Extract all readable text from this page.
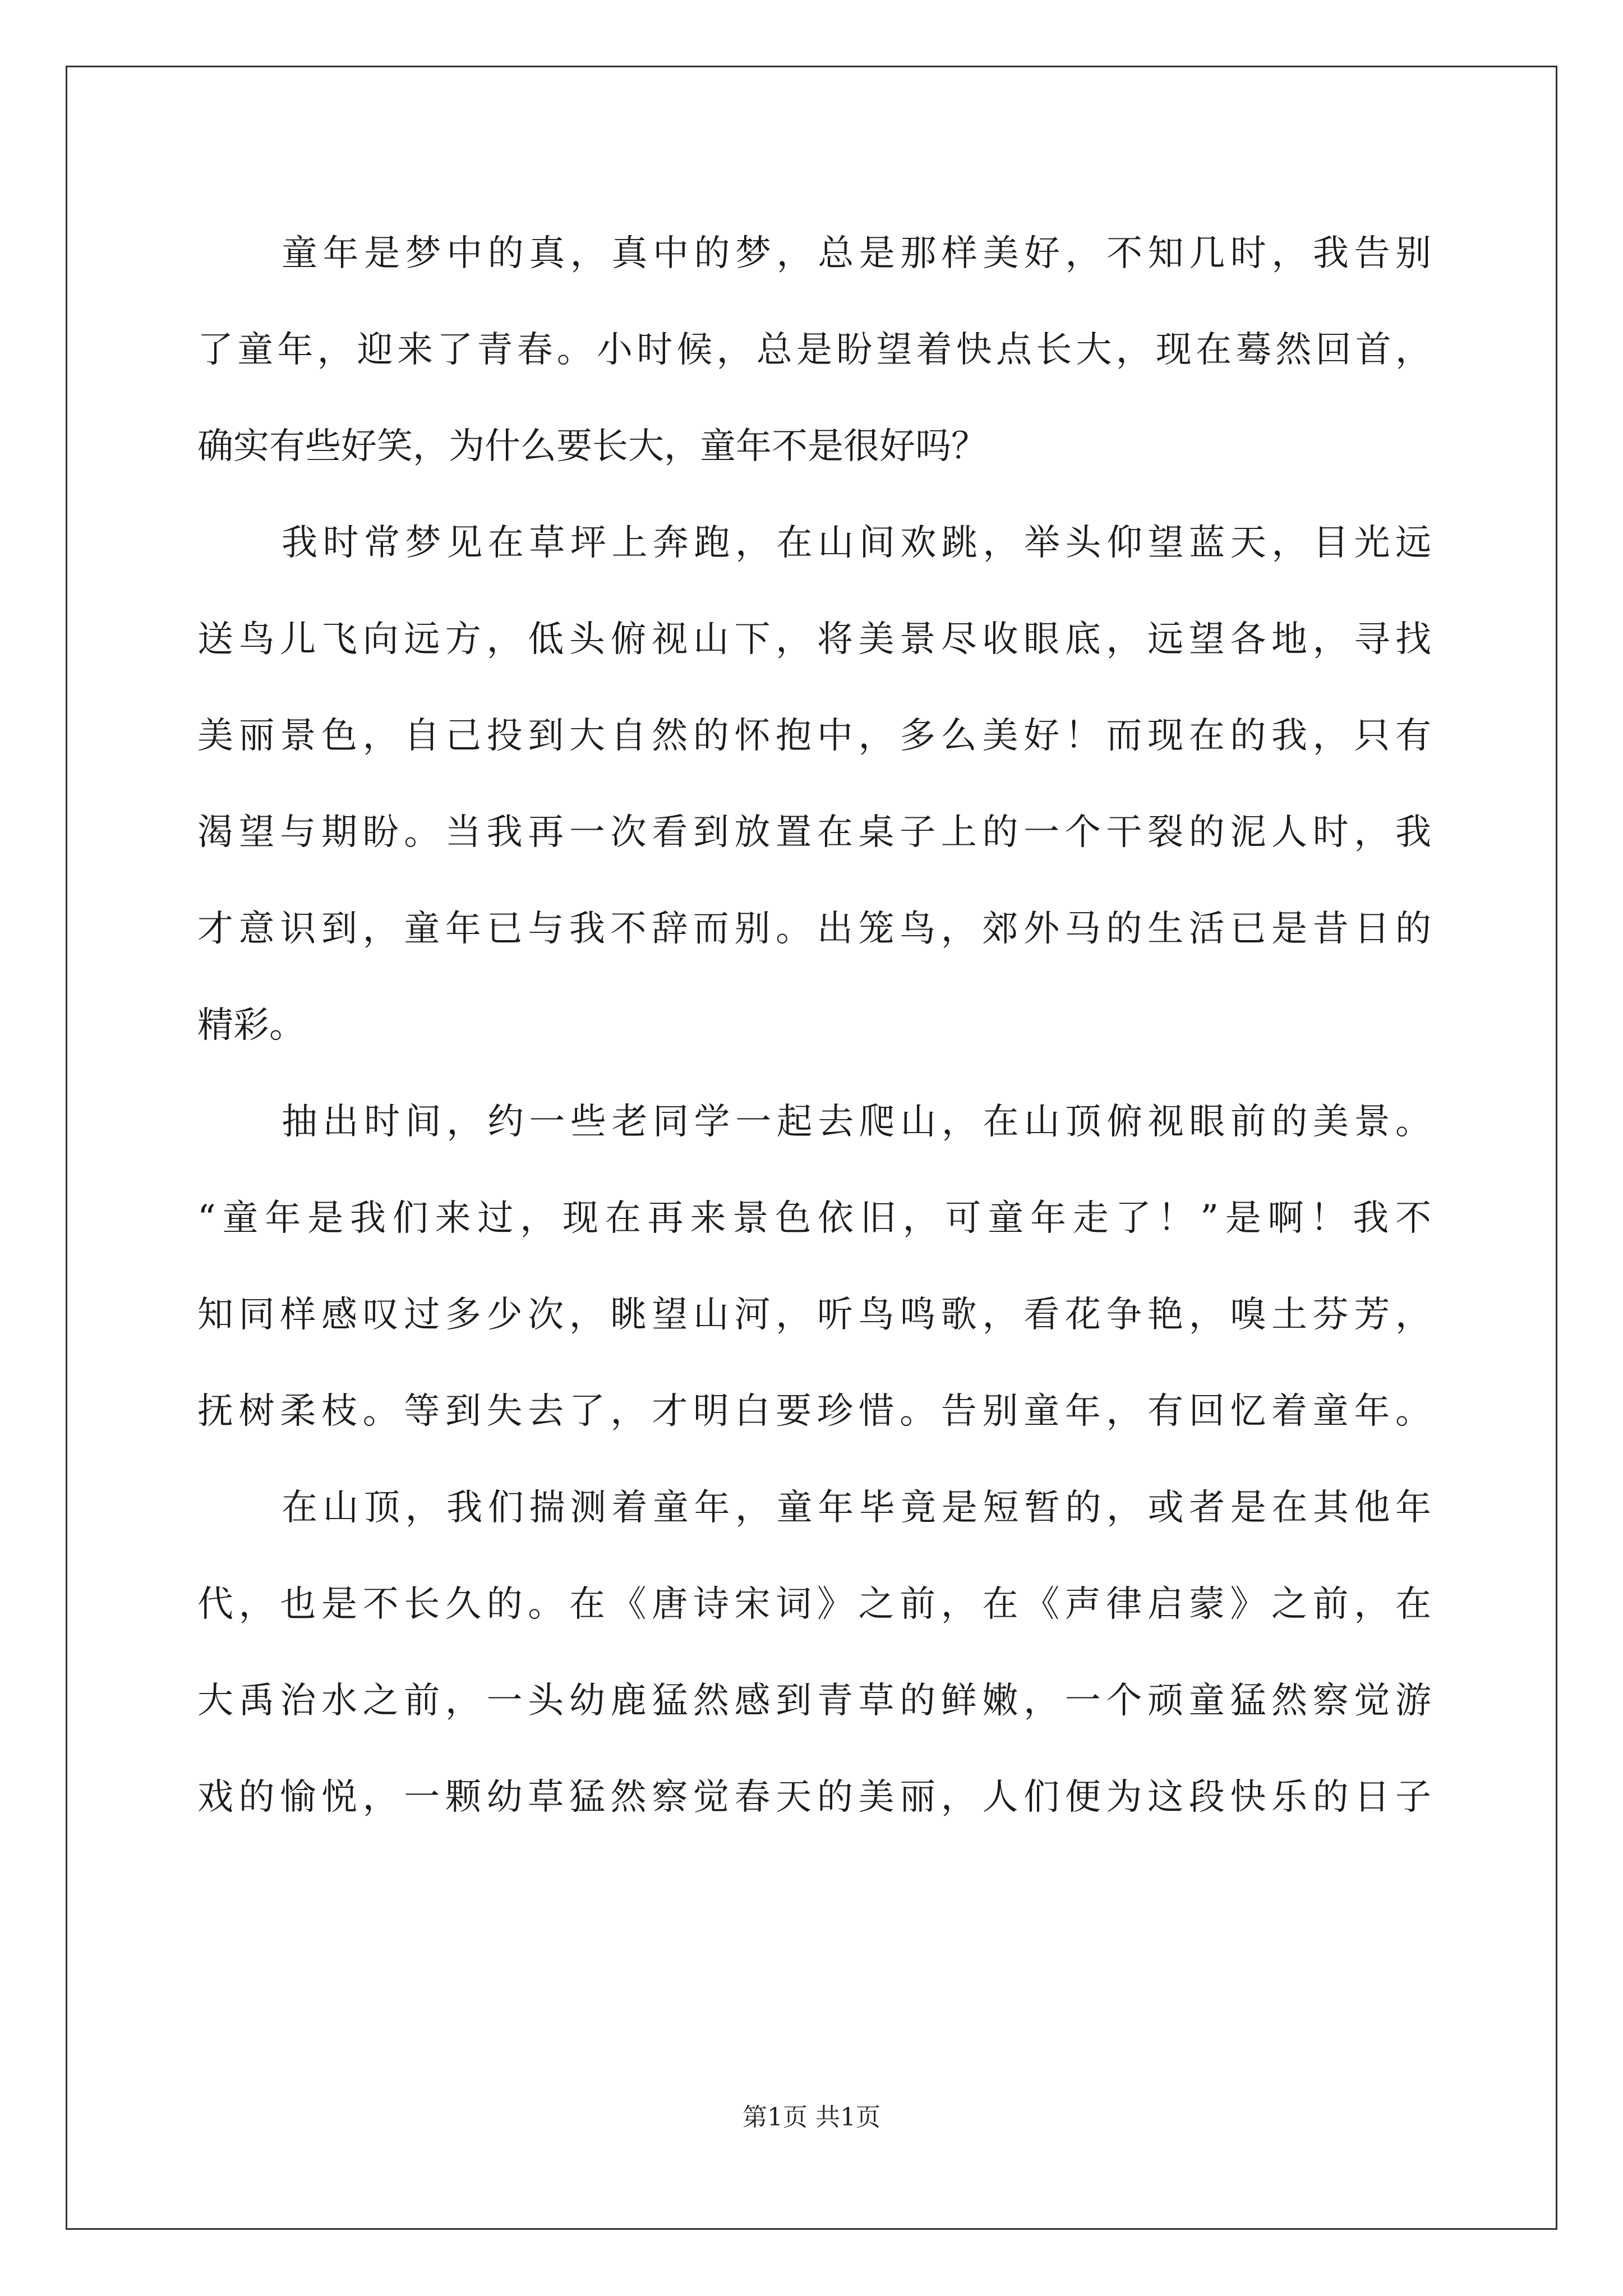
童年是梦中的真，真中的梦，总是那样美好，不知几时，我告别
了童年，迎来了青春。小时候，总是盼望着快点长大，现在蓦然回首，
确实有些好笑，为什么要长大，童年不是很好吗？
我时常梦见在草坪上奔跑，在山间欢跳，举头仰望蓝天，目光远
送鸟儿飞向远方，低头俯视山下，将美景尽收眼底，远望各地，寻找
美丽景色，自己投到大自然的怀抱中，多么美好！而现在的我，只有
渴望与期盼。当我再一次看到放置在桌子上的一个干裂的泥人时，我
才意识到，童年已与我不辞而别。出笼鸟，郊外马的生活已是昔日的
精彩。
抽出时间，约一些老同学一起去爬山，在山顶俯视眼前的美景。
“童年是我们来过，现在再来景色依旧，可童年走了！”是啊！我不
知同样感叹过多少次，眺望山河，听鸟鸣歌，看花争艳，嗅土芬芳，
抚树柔枝。等到失去了，才明白要珍惜。告别童年，有回忆着童年。
在山顶，我们揣测着童年，童年毕竟是短暂的，或者是在其他年
代，也是不长久的。在《唐诗宋词》之前，在《声律启蒙》之前，在
大禹治水之前，一头幼鹿猛然感到青草的鲜嫩，一个顽童猛然察觉游
戏的愉悦，一颗幼草猛然察觉春天的美丽，人们便为这段快乐的日子
第1页 共1页
